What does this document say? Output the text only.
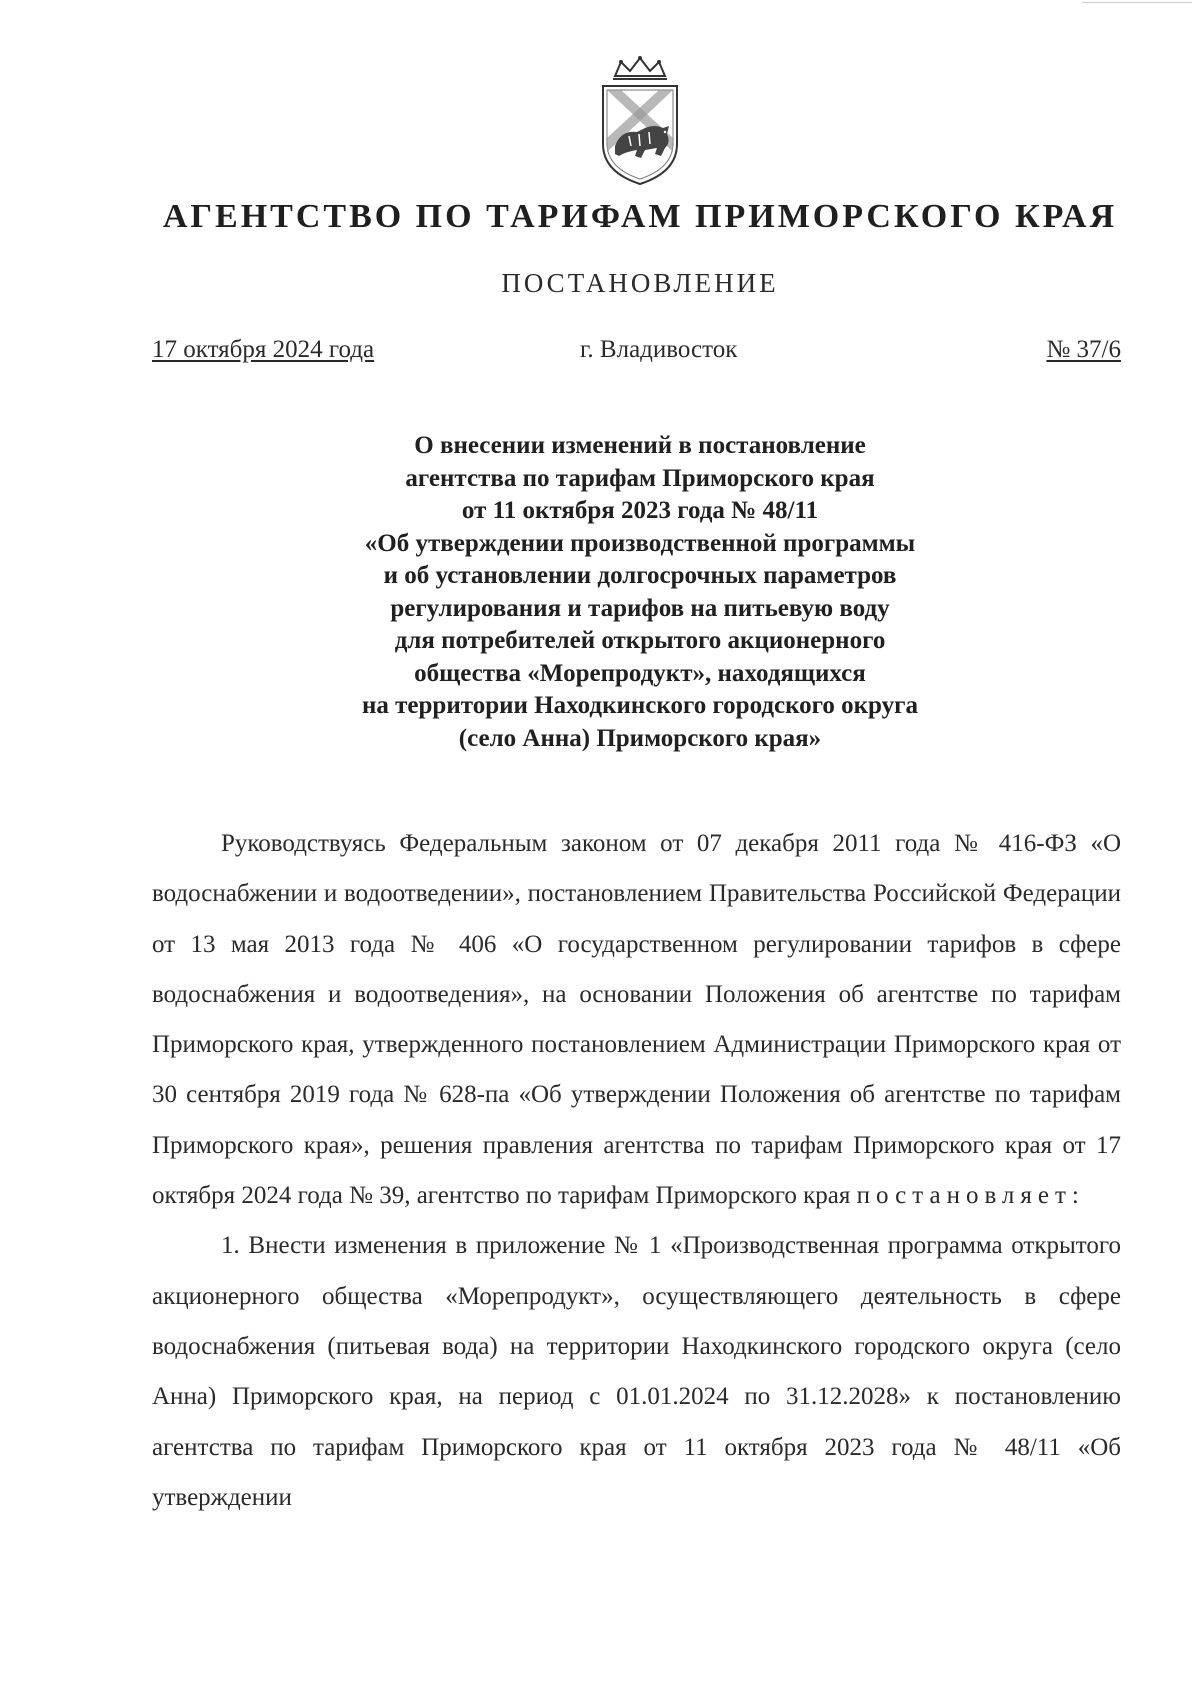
АГЕНТСТВО ПО ТАРИФАМ ПРИМОРСКОГО КРАЯ
ПОСТАНОВЛЕНИЕ
17 октября 2024 года	г. Владивосток	№ 37/6
О внесении изменений в постановление
агентства по тарифам Приморского края
от 11 октября 2023 года № 48/11
«Об утверждении производственной программы
и об установлении долгосрочных параметров
регулирования и тарифов на питьевую воду
для потребителей открытого акционерного
общества «Морепродукт», находящихся
на территории Находкинского городского округа
(село Анна) Приморского края»

Руководствуясь Федеральным законом от 07 декабря 2011 года № 416-ФЗ «О водоснабжении и водоотведении», постановлением Правительства Российской Федерации от 13 мая 2013 года № 406 «О государственном регулировании тарифов в сфере водоснабжения и водоотведения», на основании Положения об агентстве по тарифам Приморского края, утвержденного постановлением Администрации Приморского края от 30 сентября 2019 года № 628-па «Об утверждении Положения об агентстве по тарифам Приморского края», решения правления агентства по тарифам Приморского края от 17 октября 2024 года № 39, агентство по тарифам Приморского края постановляет:

1. Внести изменения в приложение № 1 «Производственная программа открытого акционерного общества «Морепродукт», осуществляющего деятельность в сфере водоснабжения (питьевая вода) на территории Находкинского городского округа (село Анна) Приморского края, на период с 01.01.2024 по 31.12.2028» к постановлению агентства по тарифам Приморского края от 11 октября 2023 года № 48/11 «Об утверждении
